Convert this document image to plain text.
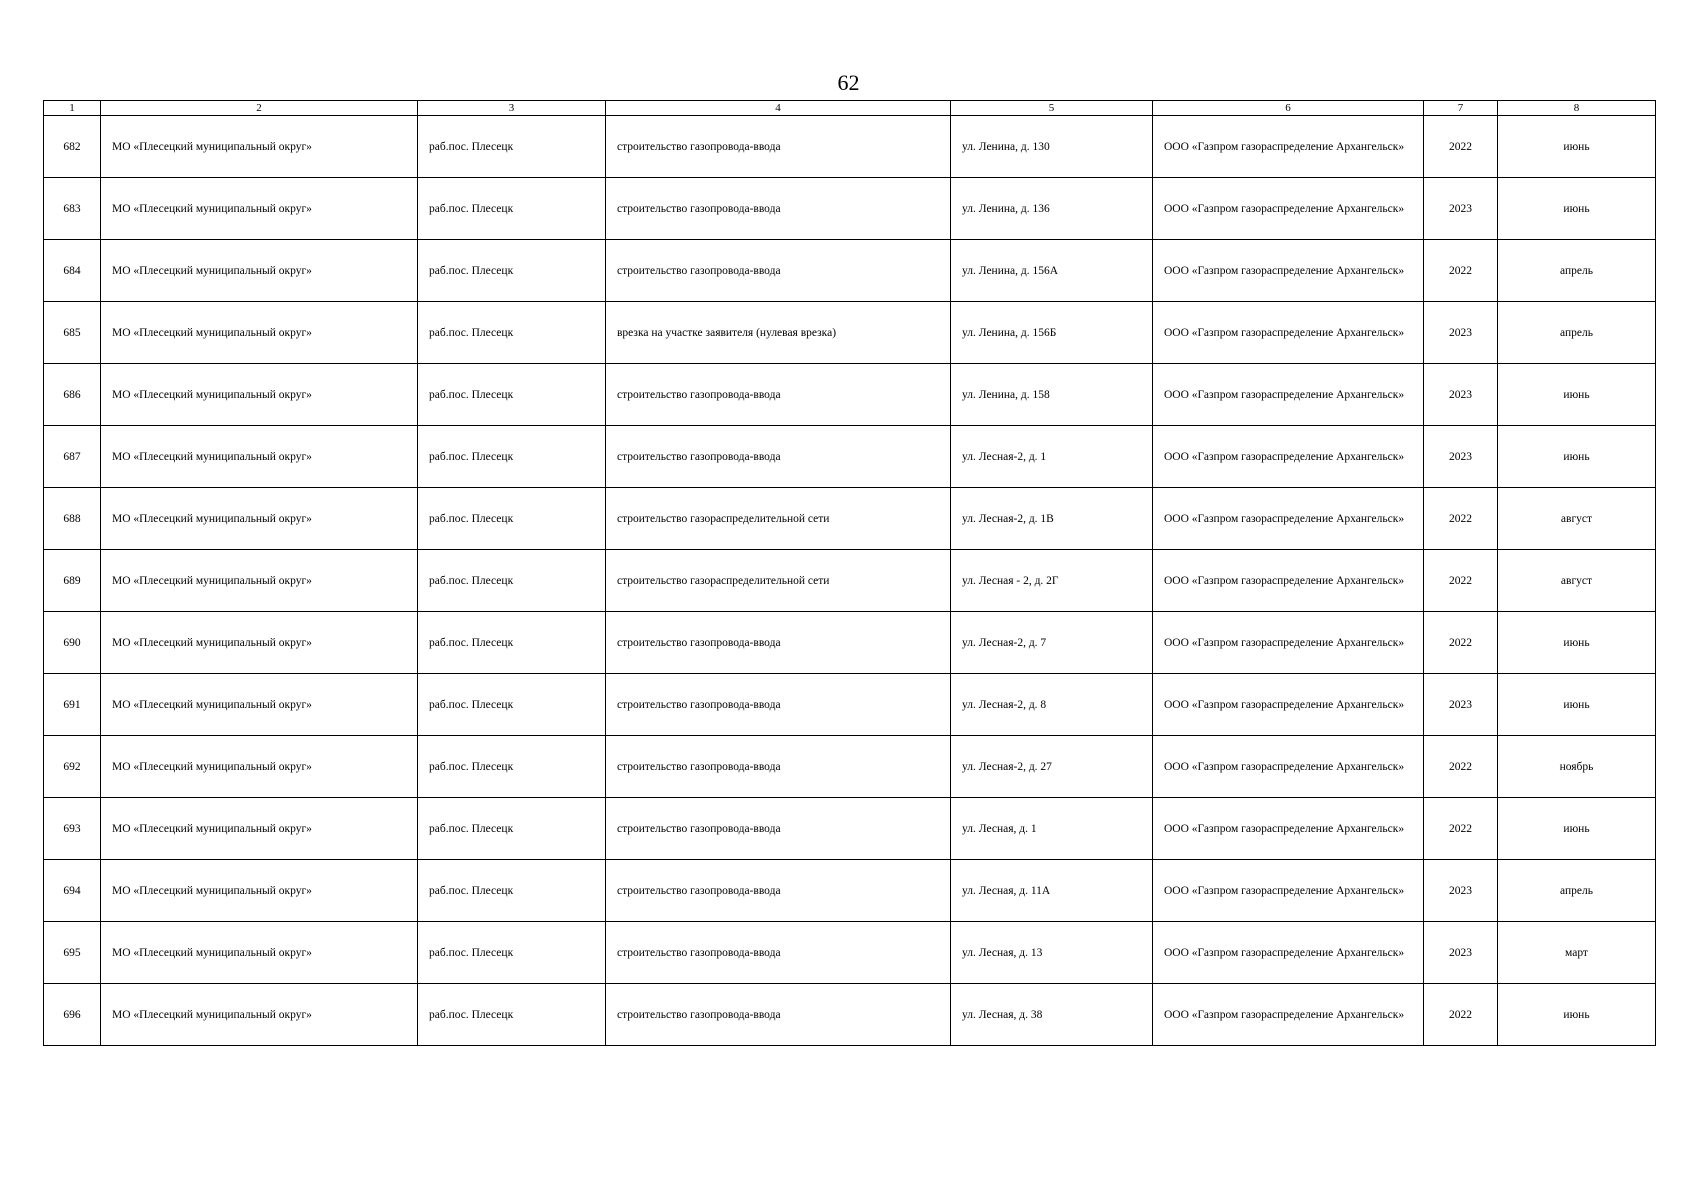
62
1	2	3	4	5	6	7	8
682	МО «Плесецкий муниципальный округ»	раб.пос. Плесецк	строительство газопровода-ввода	ул. Ленина, д. 130	ООО «Газпром газораспределение Архангельск»	2022	июнь
683	МО «Плесецкий муниципальный округ»	раб.пос. Плесецк	строительство газопровода-ввода	ул. Ленина, д. 136	ООО «Газпром газораспределение Архангельск»	2023	июнь
684	МО «Плесецкий муниципальный округ»	раб.пос. Плесецк	строительство газопровода-ввода	ул. Ленина, д. 156А	ООО «Газпром газораспределение Архангельск»	2022	апрель
685	МО «Плесецкий муниципальный округ»	раб.пос. Плесецк	врезка на участке заявителя (нулевая врезка)	ул. Ленина, д. 156Б	ООО «Газпром газораспределение Архангельск»	2023	апрель
686	МО «Плесецкий муниципальный округ»	раб.пос. Плесецк	строительство газопровода-ввода	ул. Ленина, д. 158	ООО «Газпром газораспределение Архангельск»	2023	июнь
687	МО «Плесецкий муниципальный округ»	раб.пос. Плесецк	строительство газопровода-ввода	ул. Лесная-2, д. 1	ООО «Газпром газораспределение Архангельск»	2023	июнь
688	МО «Плесецкий муниципальный округ»	раб.пос. Плесецк	строительство газораспределительной сети	ул. Лесная-2, д. 1В	ООО «Газпром газораспределение Архангельск»	2022	август
689	МО «Плесецкий муниципальный округ»	раб.пос. Плесецк	строительство газораспределительной сети	ул. Лесная - 2, д. 2Г	ООО «Газпром газораспределение Архангельск»	2022	август
690	МО «Плесецкий муниципальный округ»	раб.пос. Плесецк	строительство газопровода-ввода	ул. Лесная-2, д. 7	ООО «Газпром газораспределение Архангельск»	2022	июнь
691	МО «Плесецкий муниципальный округ»	раб.пос. Плесецк	строительство газопровода-ввода	ул. Лесная-2, д. 8	ООО «Газпром газораспределение Архангельск»	2023	июнь
692	МО «Плесецкий муниципальный округ»	раб.пос. Плесецк	строительство газопровода-ввода	ул. Лесная-2, д. 27	ООО «Газпром газораспределение Архангельск»	2022	ноябрь
693	МО «Плесецкий муниципальный округ»	раб.пос. Плесецк	строительство газопровода-ввода	ул. Лесная, д. 1	ООО «Газпром газораспределение Архангельск»	2022	июнь
694	МО «Плесецкий муниципальный округ»	раб.пос. Плесецк	строительство газопровода-ввода	ул. Лесная, д. 11А	ООО «Газпром газораспределение Архангельск»	2023	апрель
695	МО «Плесецкий муниципальный округ»	раб.пос. Плесецк	строительство газопровода-ввода	ул. Лесная, д. 13	ООО «Газпром газораспределение Архангельск»	2023	март
696	МО «Плесецкий муниципальный округ»	раб.пос. Плесецк	строительство газопровода-ввода	ул. Лесная, д. 38	ООО «Газпром газораспределение Архангельск»	2022	июнь
